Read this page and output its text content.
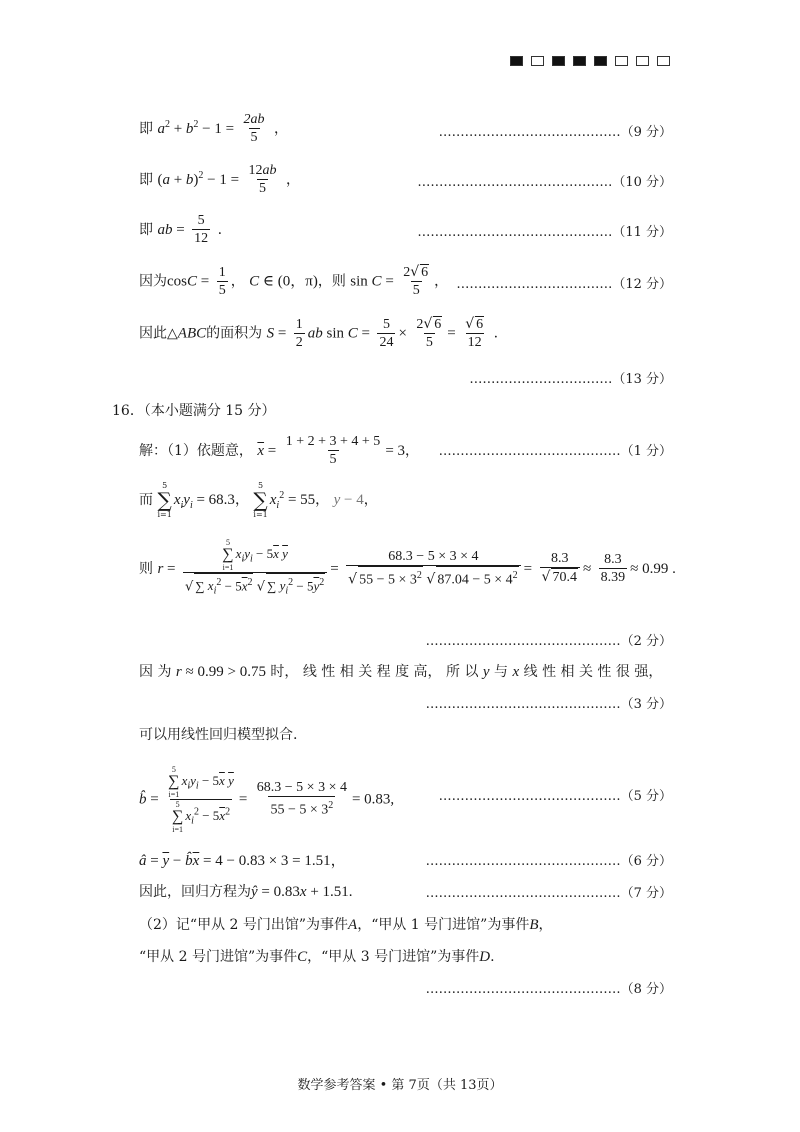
即 $a^2 + b^2 - 1 = \frac{2ab}{5}$ ，	……………………………………（9 分）
即 $(a + b)^2 - 1 = \frac{12ab}{5}$ ，	………………………………………（10 分）
即 ab = $\frac{5}{12}$ .	………………………………………（11 分）
因为$\cos C = \frac{1}{5}$ ， C ∈ (0，π)，则 $\sin C = \frac{2√ 6}{5}$ ， ………………………………（12 分）
因此△ABC的面积为 $S = \frac{1}{2}$ ab $\sin C = \frac{5}{24} \times \frac{2√ 6}{5} = \frac{√ 6}{12}$ .
……………………………（13 分）
16．（本小题满分 15 分）
解：（1）依题意， $\overline{x} = \frac{1 + 2 + 3 + 4 + 5}{5} = 3$， ……………………………………（1 分）
而
5
∑
i=1
$x_iy_i = 68.3$，
5
∑
i=1
$x_i^2 = 55$， y − 4，
则 r = 5
∑
i=1
$x_iy_i - 5\overline{x}$ $\overline{y}$
√ ∑ $x_i^2 - 5\overline{x}^2$ √ ∑ $y_i^2 - 5\overline{y}^2 = \frac{68.3 - 5 \times 3 \times 4}{√ 55 - 5 \times 3^2 √ 87.04 - 5 \times 4^2} = \frac{8.3}{√ 70.4} \approx \frac{8.3}{8.39} \approx 0.99$ .
………………………………………（2 分）
因 为 r ≈ 0.99 > 0.75 时， 线 性 相 关 程 度 高， 所 以 y 与 x 线 性 相 关 性 很 强，
………………………………………（3 分）
可以用线性回归模型拟合.
b̂ = 5
∑
i=1
$x_iy_i - 5\overline{x}$ $\overline{y}$
5
∑
i=1
$x_i^2 - 5\overline{x}^2 = \frac{68.3 - 5 \times 3 \times 4}{55 - 5 \times 3^2} = 0.83$,	……………………………………（5 分）
â = $\overline{y}$ − $b̂\overline{x} = 4 - 0.83 \times 3 = 1.51$，	………………………………………（6 分）
因此，回归方程为ŷ = 0.83x + 1.51.	………………………………………（7 分）
（2）记“甲从 2 号门出馆”为事件A，“甲从 1 号门进馆”为事件B，
“甲从 2 号门进馆”为事件C，“甲从 3 号门进馆”为事件D.
………………………………………（8 分）
数学参考答案 • 第 7页（共 13页）
